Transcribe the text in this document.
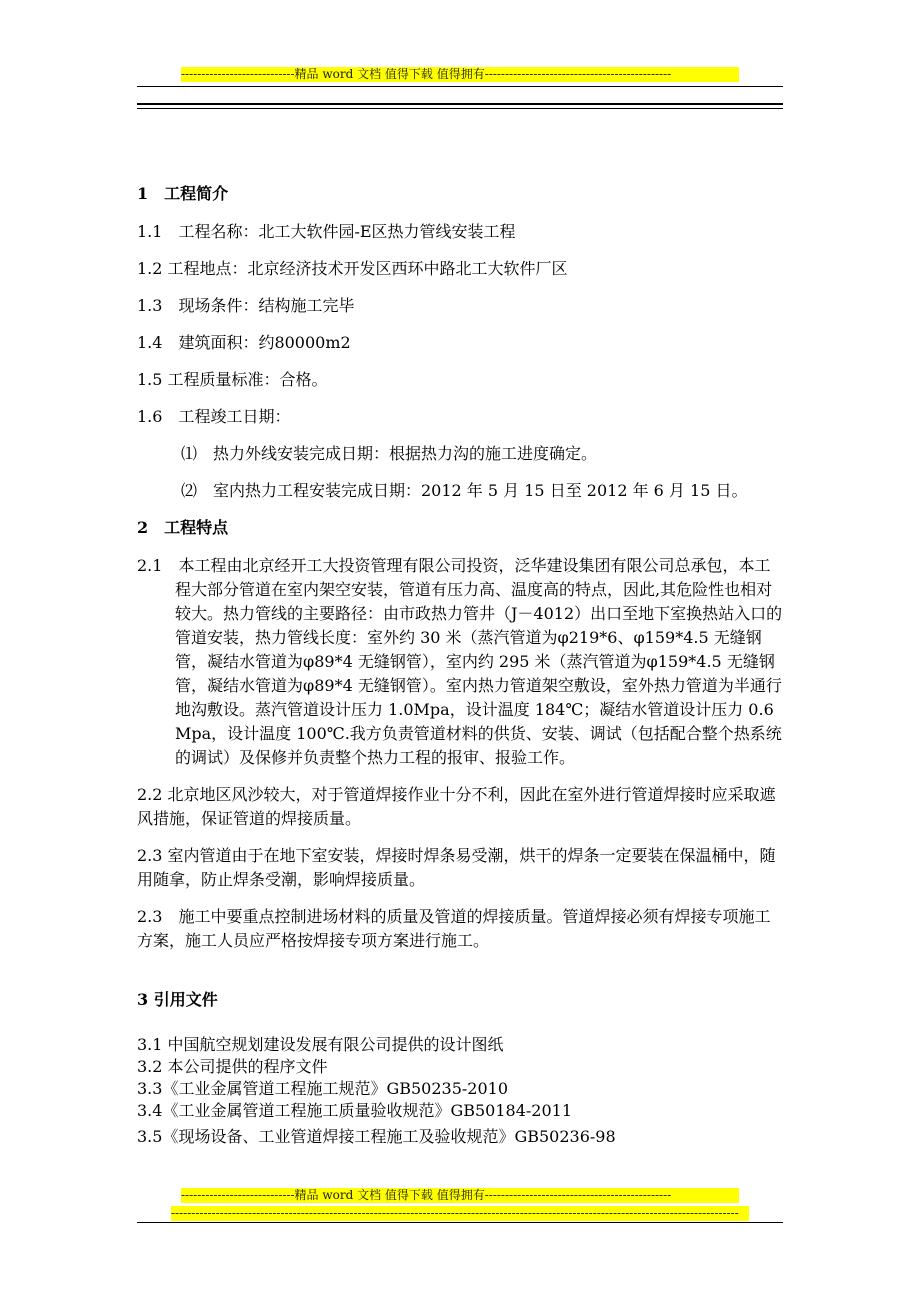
----------------------------精品 word 文档 值得下载 值得拥有----------------------------------------------
1　工程简介
1.1　工程名称：北工大软件园-E区热力管线安装工程
1.2 工程地点：北京经济技术开发区西环中路北工大软件厂区
1.3　现场条件：结构施工完毕
1.4　建筑面积：约80000m2
1.5 工程质量标准：合格。
1.6　工程竣工日期：
⑴　热力外线安装完成日期：根据热力沟的施工进度确定。
⑵　室内热力工程安装完成日期：2012 年 5 月 15 日至 2012 年 6 月 15 日。
2　工程特点
2.1　本工程由北京经开工大投资管理有限公司投资，泛华建设集团有限公司总承包，本工程大部分管道在室内架空安装，管道有压力高、温度高的特点，因此,其危险性也相对较大。热力管线的主要路径：由市政热力管井（J－4012）出口至地下室换热站入口的管道安装，热力管线长度：室外约 30 米（蒸汽管道为φ219*6、φ159*4.5 无缝钢管，凝结水管道为φ89*4 无缝钢管），室内约 295 米（蒸汽管道为φ159*4.5 无缝钢管，凝结水管道为φ89*4 无缝钢管）。室内热力管道架空敷设，室外热力管道为半通行地沟敷设。蒸汽管道设计压力 1.0Mpa，设计温度 184℃；凝结水管道设计压力 0.6 Mpa，设计温度 100℃.我方负责管道材料的供货、安装、调试（包括配合整个热系统的调试）及保修并负责整个热力工程的报审、报验工作。
2.2 北京地区风沙较大，对于管道焊接作业十分不利，因此在室外进行管道焊接时应采取遮风措施，保证管道的焊接质量。
2.3 室内管道由于在地下室安装，焊接时焊条易受潮，烘干的焊条一定要装在保温桶中，随用随拿，防止焊条受潮，影响焊接质量。
2.3　施工中要重点控制进场材料的质量及管道的焊接质量。管道焊接必须有焊接专项施工方案，施工人员应严格按焊接专项方案进行施工。
3 引用文件
3.1 中国航空规划建设发展有限公司提供的设计图纸
3.2 本公司提供的程序文件
3.3《工业金属管道工程施工规范》GB50235-2010
3.4《工业金属管道工程施工质量验收规范》GB50184-2011
3.5《现场设备、工业管道焊接工程施工及验收规范》GB50236-98
----------------------------精品 word 文档 值得下载 值得拥有----------------------------------------------
--------------------------------------------------------------------------------------------------------------------------------------------
